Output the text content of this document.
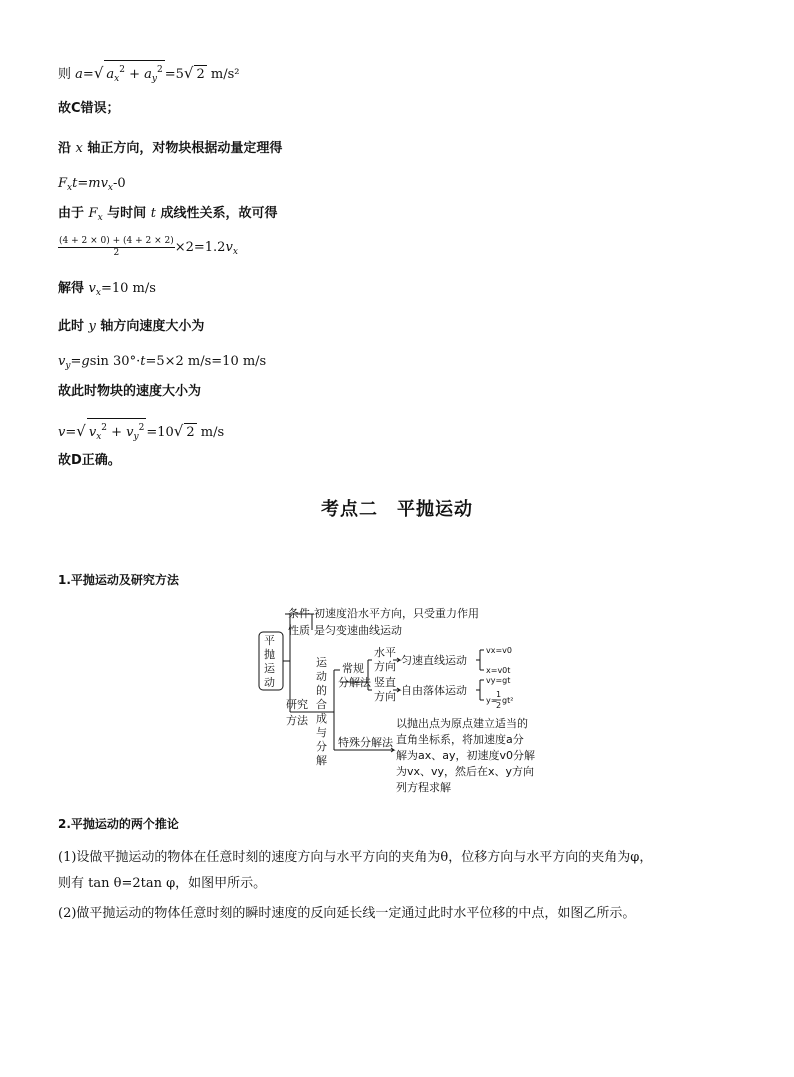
则 a=√ $a_x^2 + a_y^2 =5√$ 2 m/s²
故C错误；
沿 x 轴正方向，对物块根据动量定理得
$F_xt=mv_x-0$
由于 $F_x$ 与时间 t 成线性关系，故可得
$\frac{(4 + 2 \times 0) + (4 + 2 \times 2)}{2} \times 2=1.2v_x$
解得 $v_x=10$ m/s
此时 y 轴方向速度大小为
$v_y=gsin$ 30°·t=5×2 m/s=10 m/s
故此时物块的速度大小为
v=√ $v_x^2 + v_y^2 =10√$ 2 m/s
故D正确。
考点二　平抛运动
1.平抛运动及研究方法
平
抛
运
动
条件 初速度沿水平方向，只受重力作用
性质 是匀变速曲线运动
研究
方法
运
动
的
合
成
与
分
解
常规
分解法
水平
方向
竖直
方向
匀速直线运动
自由落体运动
vx=v0
x=v0t
vy=gt
y=
1
2
gt²
特殊分解法
以抛出点为原点建立适当的
直角坐标系，将加速度a分
解为ax、ay，初速度v0分解
为vx、vy，然后在x、y方向
列方程求解
2.平抛运动的两个推论
(1)设做平抛运动的物体在任意时刻的速度方向与水平方向的夹角为θ，位移方向与水平方向的夹角为φ，
则有 tan θ=2tan φ，如图甲所示。
(2)做平抛运动的物体任意时刻的瞬时速度的反向延长线一定通过此时水平位移的中点，如图乙所示。
